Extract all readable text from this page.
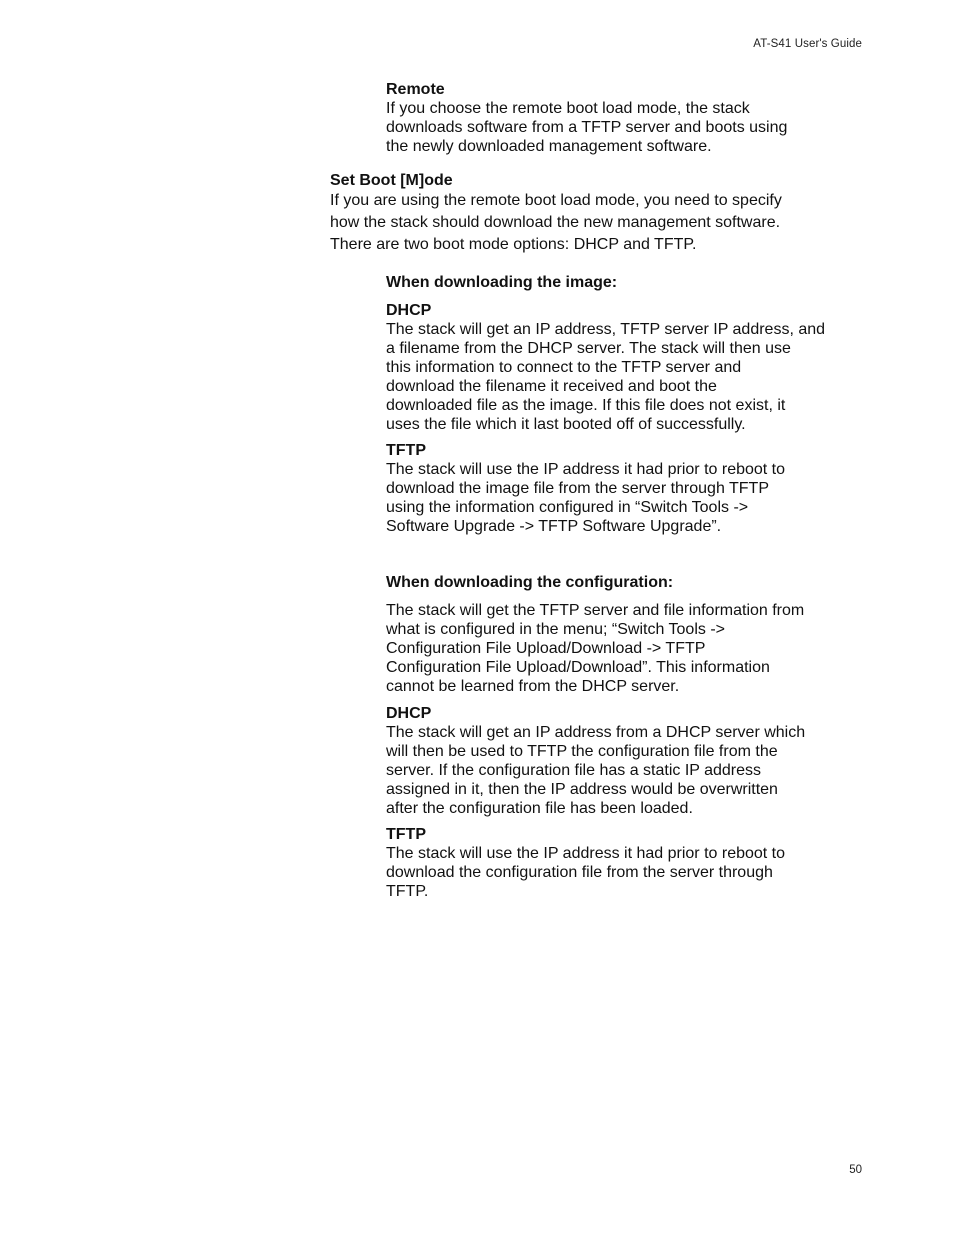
AT-S41 User's Guide
Remote
If you choose the remote boot load mode, the stack
downloads software from a TFTP server and boots using
the newly downloaded management software.
Set Boot [M]ode
If you are using the remote boot load mode, you need to specify
how the stack should download the new management software.
There are two boot mode options: DHCP and TFTP.
When downloading the image:
DHCP
The stack will get an IP address, TFTP server IP address, and
a filename from the DHCP server. The stack will then use
this information to connect to the TFTP server and
download the filename it received and boot the
downloaded file as the image. If this file does not exist, it
uses the file which it last booted off of successfully.
TFTP
The stack will use the IP address it had prior to reboot to
download the image file from the server through TFTP
using the information configured in “Switch Tools ->
Software Upgrade -> TFTP Software Upgrade”.
When downloading the configuration:
The stack will get the TFTP server and file information from
what is configured in the menu; “Switch Tools ->
Configuration File Upload/Download -> TFTP
Configuration File Upload/Download”. This information
cannot be learned from the DHCP server.
DHCP
The stack will get an IP address from a DHCP server which
will then be used to TFTP the configuration file from the
server. If the configuration file has a static IP address
assigned in it, then the IP address would be overwritten
after the configuration file has been loaded.
TFTP
The stack will use the IP address it had prior to reboot to
download the configuration file from the server through
TFTP.
50
